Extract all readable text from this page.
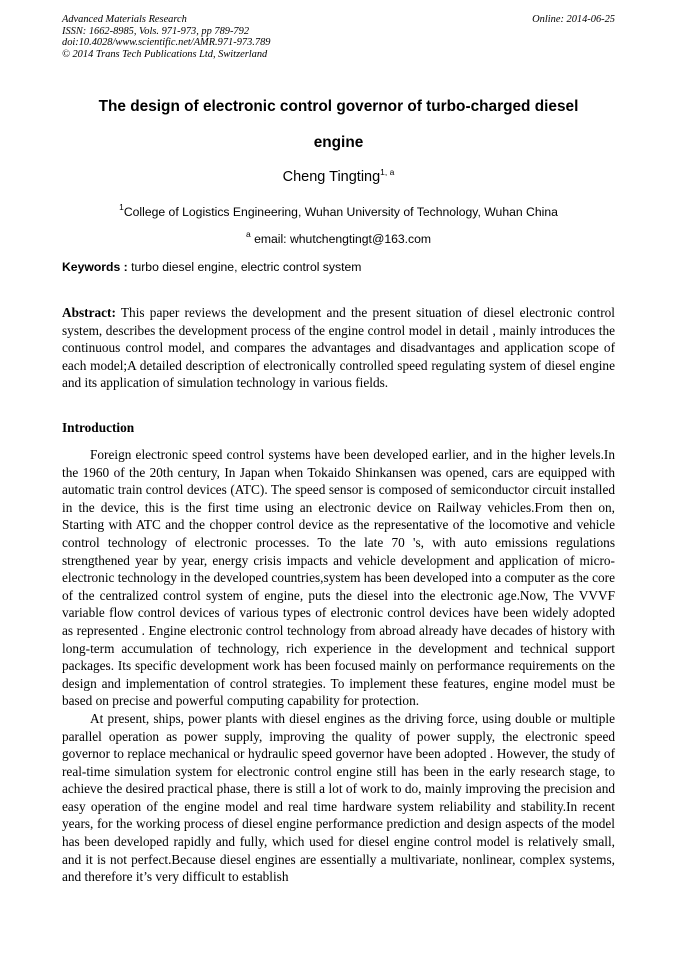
Advanced Materials Research
ISSN: 1662-8985, Vols. 971-973, pp 789-792
doi:10.4028/www.scientific.net/AMR.971-973.789
© 2014 Trans Tech Publications Ltd, Switzerland
Online: 2014-06-25
The design of electronic control governor of turbo-charged diesel
engine
Cheng Tingting$^{1, a}$
$^1$College of Logistics Engineering, Wuhan University of Technology, Wuhan China
$^a$ email: whutchengtingt@163.com
Keywords : turbo diesel engine, electric control system
Abstract: This paper reviews the development and the present situation of diesel electronic control system, describes the development process of the engine control model in detail , mainly introduces the continuous control model, and compares the advantages and disadvantages and application scope of each model;A detailed description of electronically controlled speed regulating system of diesel engine and its application of simulation technology in various fields.
Introduction

Foreign electronic speed control systems have been developed earlier, and in the higher levels.In the 1960 of the 20th century, In Japan when Tokaido Shinkansen was opened, cars are equipped with automatic train control devices (ATC). The speed sensor is composed of semiconductor circuit installed in the device, this is the first time using an electronic device on Railway vehicles.From then on, Starting with ATC and the chopper control device as the representative of the locomotive and vehicle control technology of electronic processes. To the late 70 's, with auto emissions regulations strengthened year by year, energy crisis impacts and vehicle development and application of micro-electronic technology in the developed countries,system has been developed into a computer as the core of the centralized control system of engine, puts the diesel into the electronic age.Now, The VVVF variable flow control devices of various types of electronic control devices have been widely adopted as represented . Engine electronic control technology from abroad already have decades of history with long-term accumulation of technology, rich experience in the development and technical support packages. Its specific development work has been focused mainly on performance requirements on the design and implementation of control strategies. To implement these features, engine model must be based on precise and powerful computing capability for protection.

At present, ships, power plants with diesel engines as the driving force, using double or multiple parallel operation as power supply, improving the quality of power supply, the electronic speed governor to replace mechanical or hydraulic speed governor have been adopted . However, the study of real-time simulation system for electronic control engine still has been in the early research stage, to achieve the desired practical phase, there is still a lot of work to do, mainly improving the precision and easy operation of the engine model and real time hardware system reliability and stability.In recent years, for the working process of diesel engine performance prediction and design aspects of the model has been developed rapidly and fully, which used for diesel engine control model is relatively small, and it is not perfect.Because diesel engines are essentially a multivariate, nonlinear, complex systems, and therefore it’s very difficult to establish
